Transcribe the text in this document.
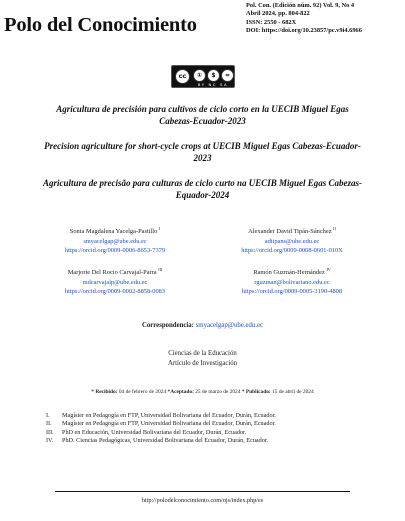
Polo del Conocimiento
Pol. Con. (Edición núm. 92) Vol. 9, No 4
Abril 2024, pp. 804-822
ISSN: 2550 - 682X
DOI: https://doi.org/10.23857/pc.v9i4.6966
cc	①	$	=
BY NC SA
Agricultura de precisión para cultivos de ciclo corto en la UECIB Miguel Egas Cabezas-Ecuador-2023
Precision agriculture for short-cycle crops at UECIB Miguel Egas Cabezas-Ecuador-2023
Agricultura de precisão para culturas de ciclo curto na UECIB Miguel Egas Cabezas-Equador-2024
Sonia Magdalena Yacelga-Pastillo $^I$
smyacelgap@ube.edu.ec
https://orcid.org/0009-0006-8653-7379
Alexander David Tipán-Sánchez $^{II}$
adtipans@ube.edu.ec
https://orcid.org/0009-0008-0601-010X
Marjorie Del Rocio Carvajal-Parra $^{III}$
mdcarvajalp@ube.edu.ec
https://orcid.org/0009-0002-8858-0083
Ramón Guzmán-Hernández $^{IV}$
rguzman@bolivariano.edu.ec
https://orcid.org/0009-0005-3190-4808
Correspondencia: smyacelgap@ube.edu.ec
Ciencias de la Educación
Artículo de Investigación
* Recibido: 04 de febrero de 2024 *Aceptado: 25 de marzo de 2024 * Publicado: 15 de abril de 2024
I. Magíster en Pedagogía en FTP, Universidad Bolivariana del Ecuador, Durán, Ecuador.
II. Magíster en Pedagogía en FTP, Universidad Bolivariana del Ecuador, Durán, Ecuador.
III. PhD en Educación, Universidad Bolivariana del Ecuador, Durán, Ecuador.
IV. PhD. Ciencias Pedagógicas, Universidad Bolivariana del Ecuador, Durán, Ecuador.
http://polodelconocimiento.com/ojs/index.php/es
